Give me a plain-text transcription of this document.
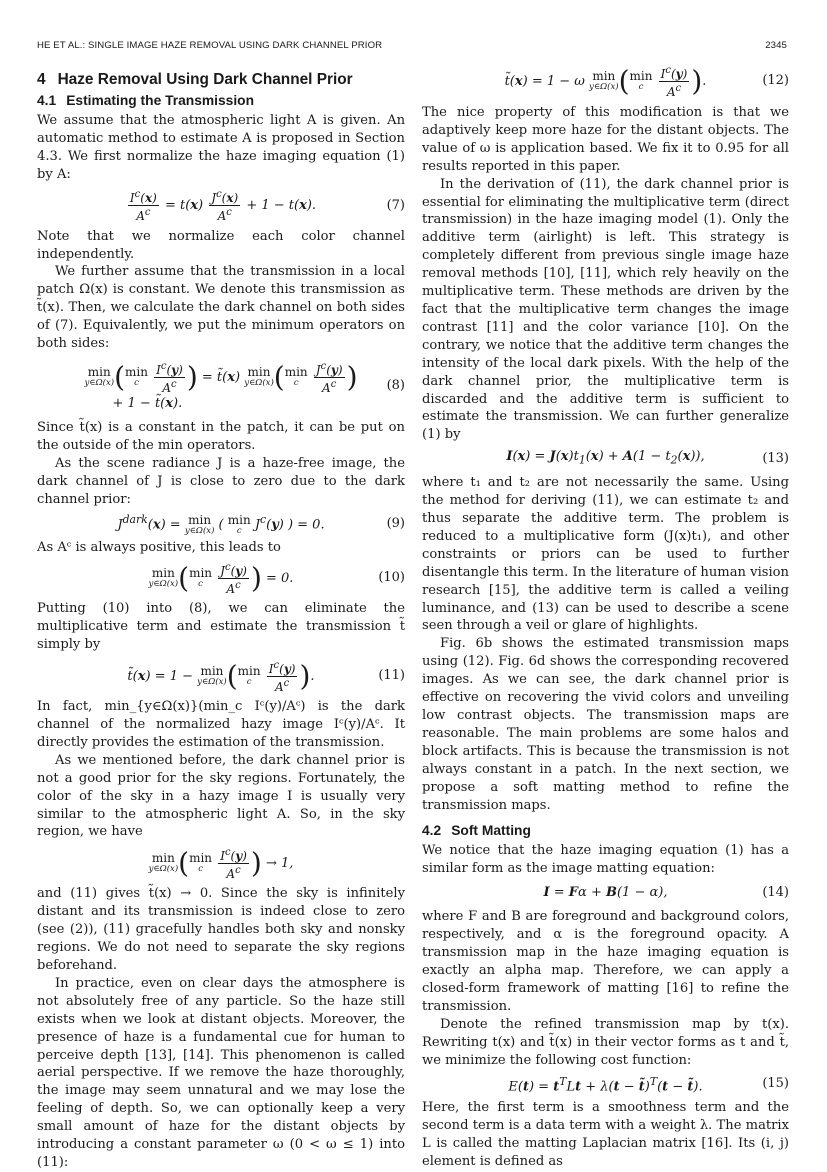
HE ET AL.: SINGLE IMAGE HAZE REMOVAL USING DARK CHANNEL PRIOR	2345
4 Haze Removal Using Dark Channel Prior
4.1 Estimating the Transmission

We assume that the atmospheric light A is given. An automatic method to estimate A is proposed in Section 4.3. We first normalize the haze imaging equation (1) by A:

$\frac{I^c(x)}{A^c} = t(x) \frac{J^c(x)}{A^c} + 1 - t(x)$.	(7)

Note that we normalize each color channel independently.

We further assume that the transmission in a local patch Ω(x) is constant. We denote this transmission as t̃(x). Then, we calculate the dark channel on both sides of (7). Equivalently, we put the minimum operators on both sides:

min
y∈Ω(x) ( min
c
	$\frac{I^c(y)}{A^c}$ ) = t̃(x) min
y∈Ω(x) ( min
c
	$\frac{J^c(y)}{A^c}$ )
+ 1 − t̃(x).
(8)

Since t̃(x) is a constant in the patch, it can be put on the outside of the min operators.

As the scene radiance J is a haze-free image, the dark channel of J is close to zero due to the dark channel prior:

$J^{dark}(x) = \min$
y∈Ω(x) ( min
c $J^c(y)$ ) = 0.	(9)

As Aᶜ is always positive, this leads to

min
y∈Ω(x) ( min
c
	$\frac{J^c(y)}{A^c}$ ) = 0.	(10)

Putting (10) into (8), we can eliminate the multiplicative term and estimate the transmission t̃ simply by

t̃(x) = 1 − min
y∈Ω(x) ( min
c
	$\frac{I^c(y)}{A^c}$ ).	(11)

In fact, min_{y∈Ω(x)}(min_c Iᶜ(y)/Aᶜ) is the dark channel of the normalized hazy image Iᶜ(y)/Aᶜ. It directly provides the estimation of the transmission.

As we mentioned before, the dark channel prior is not a good prior for the sky regions. Fortunately, the color of the sky in a hazy image I is usually very similar to the atmospheric light A. So, in the sky region, we have

min
y∈Ω(x) ( min
c
	$\frac{I^c(y)}{A^c}$ ) → 1,

and (11) gives t̃(x) → 0. Since the sky is infinitely distant and its transmission is indeed close to zero (see (2)), (11) gracefully handles both sky and nonsky regions. We do not need to separate the sky regions beforehand.

In practice, even on clear days the atmosphere is not absolutely free of any particle. So the haze still exists when we look at distant objects. Moreover, the presence of haze is a fundamental cue for human to perceive depth [13], [14]. This phenomenon is called aerial perspective. If we remove the haze thoroughly, the image may seem unnatural and we may lose the feeling of depth. So, we can optionally keep a very small amount of haze for the distant objects by introducing a constant parameter ω (0 < ω ≤ 1) into (11):

t̃(x) = 1 − ω min
y∈Ω(x) ( min
c
	$\frac{I^c(y)}{A^c}$ ).	(12)

The nice property of this modification is that we adaptively keep more haze for the distant objects. The value of ω is application based. We fix it to 0.95 for all results reported in this paper.

In the derivation of (11), the dark channel prior is essential for eliminating the multiplicative term (direct transmission) in the haze imaging model (1). Only the additive term (airlight) is left. This strategy is completely different from previous single image haze removal methods [10], [11], which rely heavily on the multiplicative term. These methods are driven by the fact that the multiplicative term changes the image contrast [11] and the color variance [10]. On the contrary, we notice that the additive term changes the intensity of the local dark pixels. With the help of the dark channel prior, the multiplicative term is discarded and the additive term is sufficient to estimate the transmission. We can further generalize (1) by

$I(x) = J(x)t_1(x) + A(1 - t_2(x))$,	(13)

where t₁ and t₂ are not necessarily the same. Using the method for deriving (11), we can estimate t₂ and thus separate the additive term. The problem is reduced to a multiplicative form (J(x)t₁), and other constraints or priors can be used to further disentangle this term. In the literature of human vision research [15], the additive term is called a veiling luminance, and (13) can be used to describe a scene seen through a veil or glare of highlights.

Fig. 6b shows the estimated transmission maps using (12). Fig. 6d shows the corresponding recovered images. As we can see, the dark channel prior is effective on recovering the vivid colors and unveiling low contrast objects. The transmission maps are reasonable. The main problems are some halos and block artifacts. This is because the transmission is not always constant in a patch. In the next section, we propose a soft matting method to refine the transmission maps.

4.2 Soft Matting

We notice that the haze imaging equation (1) has a similar form as the image matting equation:

I = Fα + B(1 − α),	(14)

where F and B are foreground and background colors, respectively, and α is the foreground opacity. A transmission map in the haze imaging equation is exactly an alpha map. Therefore, we can apply a closed-form framework of matting [16] to refine the transmission.

Denote the refined transmission map by t(x). Rewriting t(x) and t̃(x) in their vector forms as t and t̃, we minimize the following cost function:

$E(t) = t^TLt + \lambda(t$ − t̃)$^T$(t − t̃).	(15)

Here, the first term is a smoothness term and the second term is a data term with a weight λ. The matrix L is called the matting Laplacian matrix [16]. Its (i, j) element is defined as
